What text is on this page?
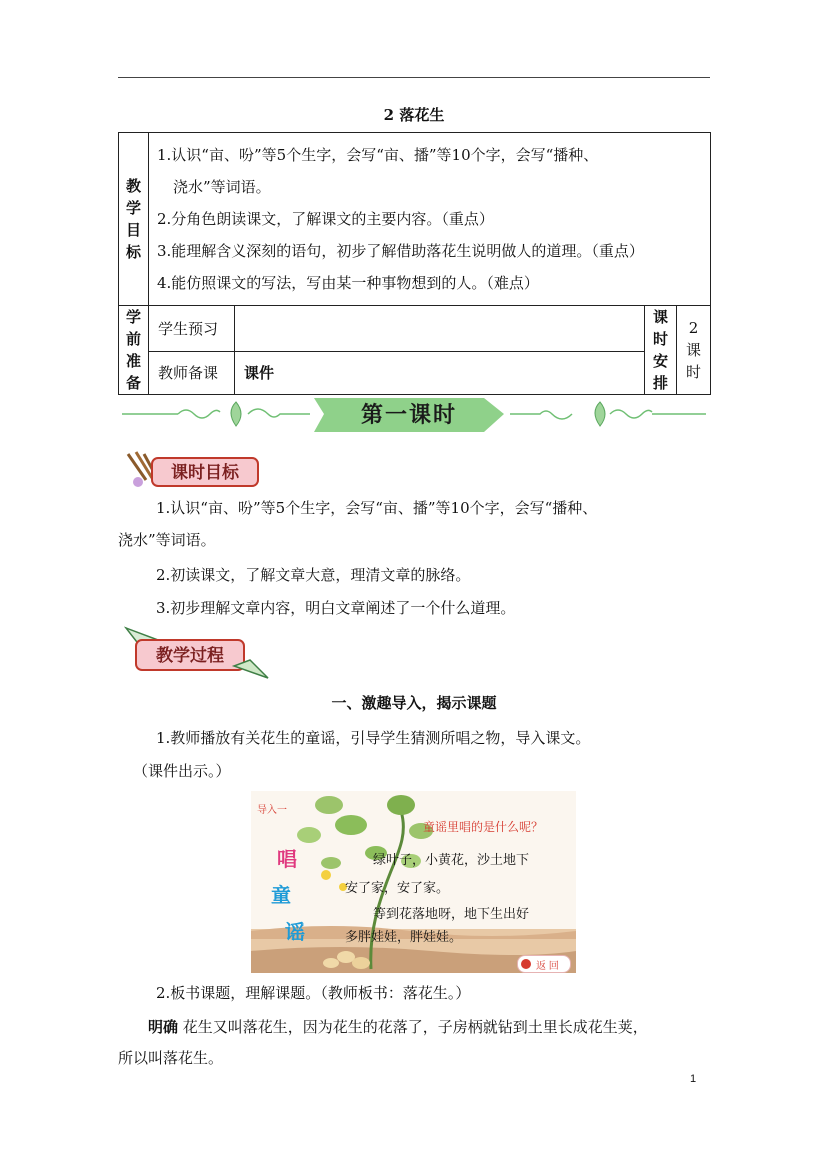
2 落花生
教学目标	1.认识“亩、吩”等5个生字，会写“亩、播”等10个字，会写“播种、
浇水”等词语。
2.分角色朗读课文，了解课文的主要内容。（重点）
3.能理解含义深刻的语句，初步了解借助落花生说明做人的道理。（重点）
4.能仿照课文的写法，写由某一种事物想到的人。（难点）			

学前准备	学生预习		课时安排	2课时
	教师备课	课件		
第一课时
课时目标
1.认识“亩、吩”等5个生字，会写“亩、播”等10个字，会写“播种、
浇水”等词语。
2.初读课文，了解文章大意，理清文章的脉络。
3.初步理解文章内容，明白文章阐述了一个什么道理。
教学过程
一、激趣导入，揭示课题
1.教师播放有关花生的童谣，引导学生猜测所唱之物，导入课文。
（课件出示。）
导入一
唱
童
谣
童谣里唱的是什么呢？
绿叶子，小黄花，沙土地下
安了家，安了家。
等到花落地呀，地下生出好
多胖娃娃，胖娃娃。
返 回
2.板书课题，理解课题。（教师板书：落花生。）
明确 花生又叫落花生，因为花生的花落了，子房柄就钻到土里长成花生荚，
所以叫落花生。
1
